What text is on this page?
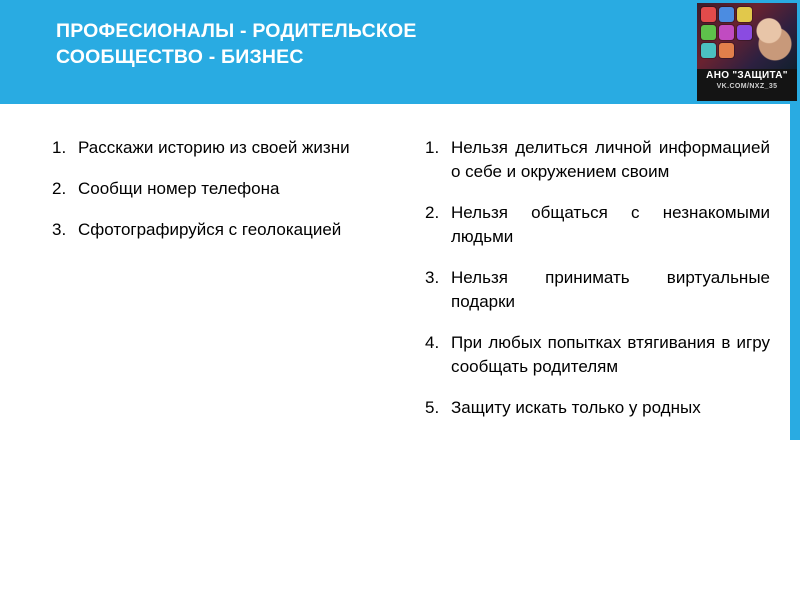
ПРОФЕСИОНАЛЫ - РОДИТЕЛЬСКОЕ
СООБЩЕСТВО - БИЗНЕС
АНО "ЗАЩИТА"
VK.COM/NXZ_35
1. Расскажи историю из своей жизни
2. Сообщи номер телефона
3. Сфотографируйся с геолокацией
1. Нельзя делиться личной информацией о себе и окружением своим
2. Нельзя общаться с незнакомыми людьми
3. Нельзя принимать виртуальные подарки
4. При любых попытках втягивания в игру сообщать родителям
5. Защиту искать только у родных
